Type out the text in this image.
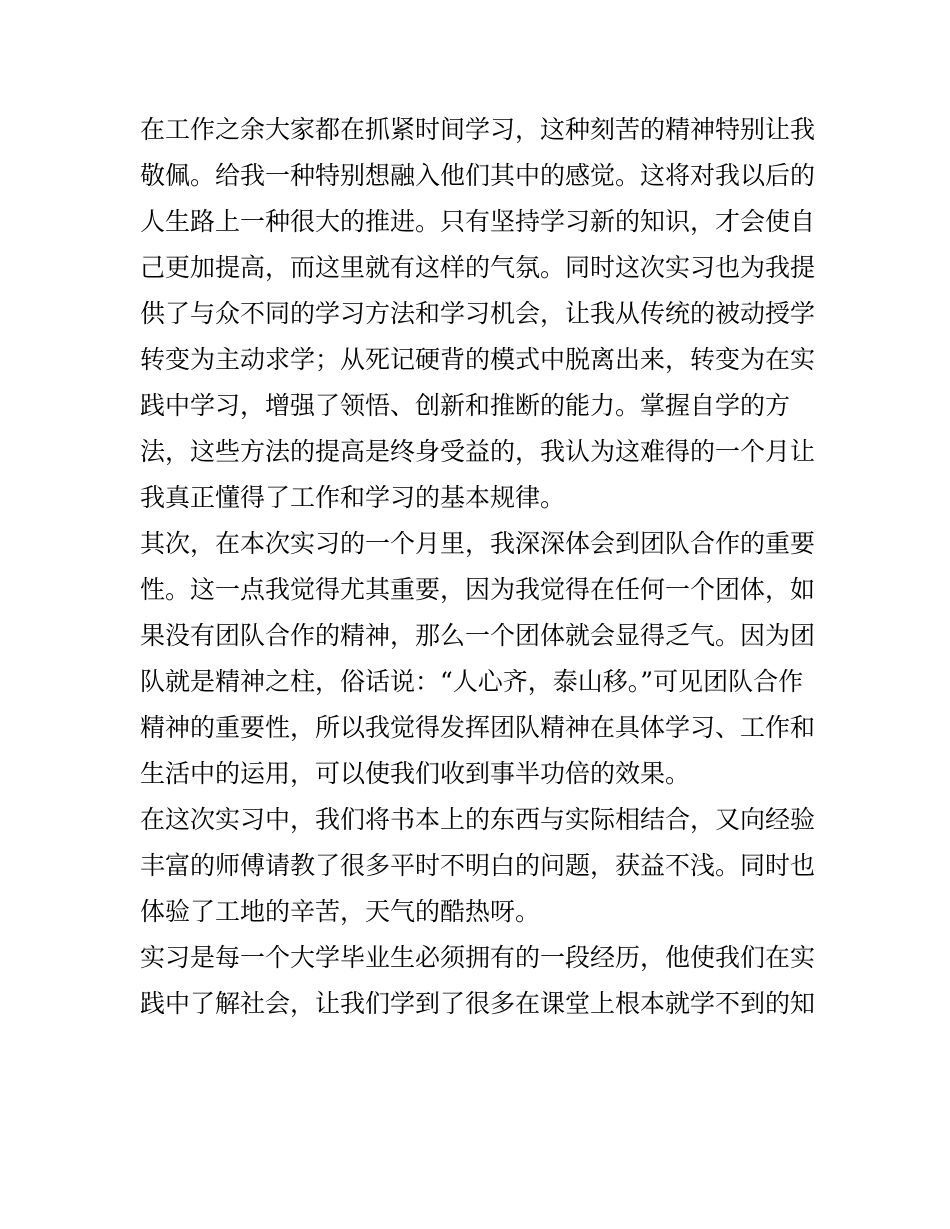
在工作之余大家都在抓紧时间学习，这种刻苦的精神特别让我
敬佩。给我一种特别想融入他们其中的感觉。这将对我以后的
人生路上一种很大的推进。只有坚持学习新的知识，才会使自
己更加提高，而这里就有这样的气氛。同时这次实习也为我提
供了与众不同的学习方法和学习机会，让我从传统的被动授学
转变为主动求学；从死记硬背的模式中脱离出来，转变为在实
践中学习，增强了领悟、创新和推断的能力。掌握自学的方
法，这些方法的提高是终身受益的，我认为这难得的一个月让
我真正懂得了工作和学习的基本规律。
其次，在本次实习的一个月里，我深深体会到团队合作的重要
性。这一点我觉得尤其重要，因为我觉得在任何一个团体，如
果没有团队合作的精神，那么一个团体就会显得乏气。因为团
队就是精神之柱，俗话说：“人心齐，泰山移。”可见团队合作
精神的重要性，所以我觉得发挥团队精神在具体学习、工作和
生活中的运用，可以使我们收到事半功倍的效果。
在这次实习中，我们将书本上的东西与实际相结合，又向经验
丰富的师傅请教了很多平时不明白的问题，获益不浅。同时也
体验了工地的辛苦，天气的酷热呀。
实习是每一个大学毕业生必须拥有的一段经历，他使我们在实
践中了解社会，让我们学到了很多在课堂上根本就学不到的知
